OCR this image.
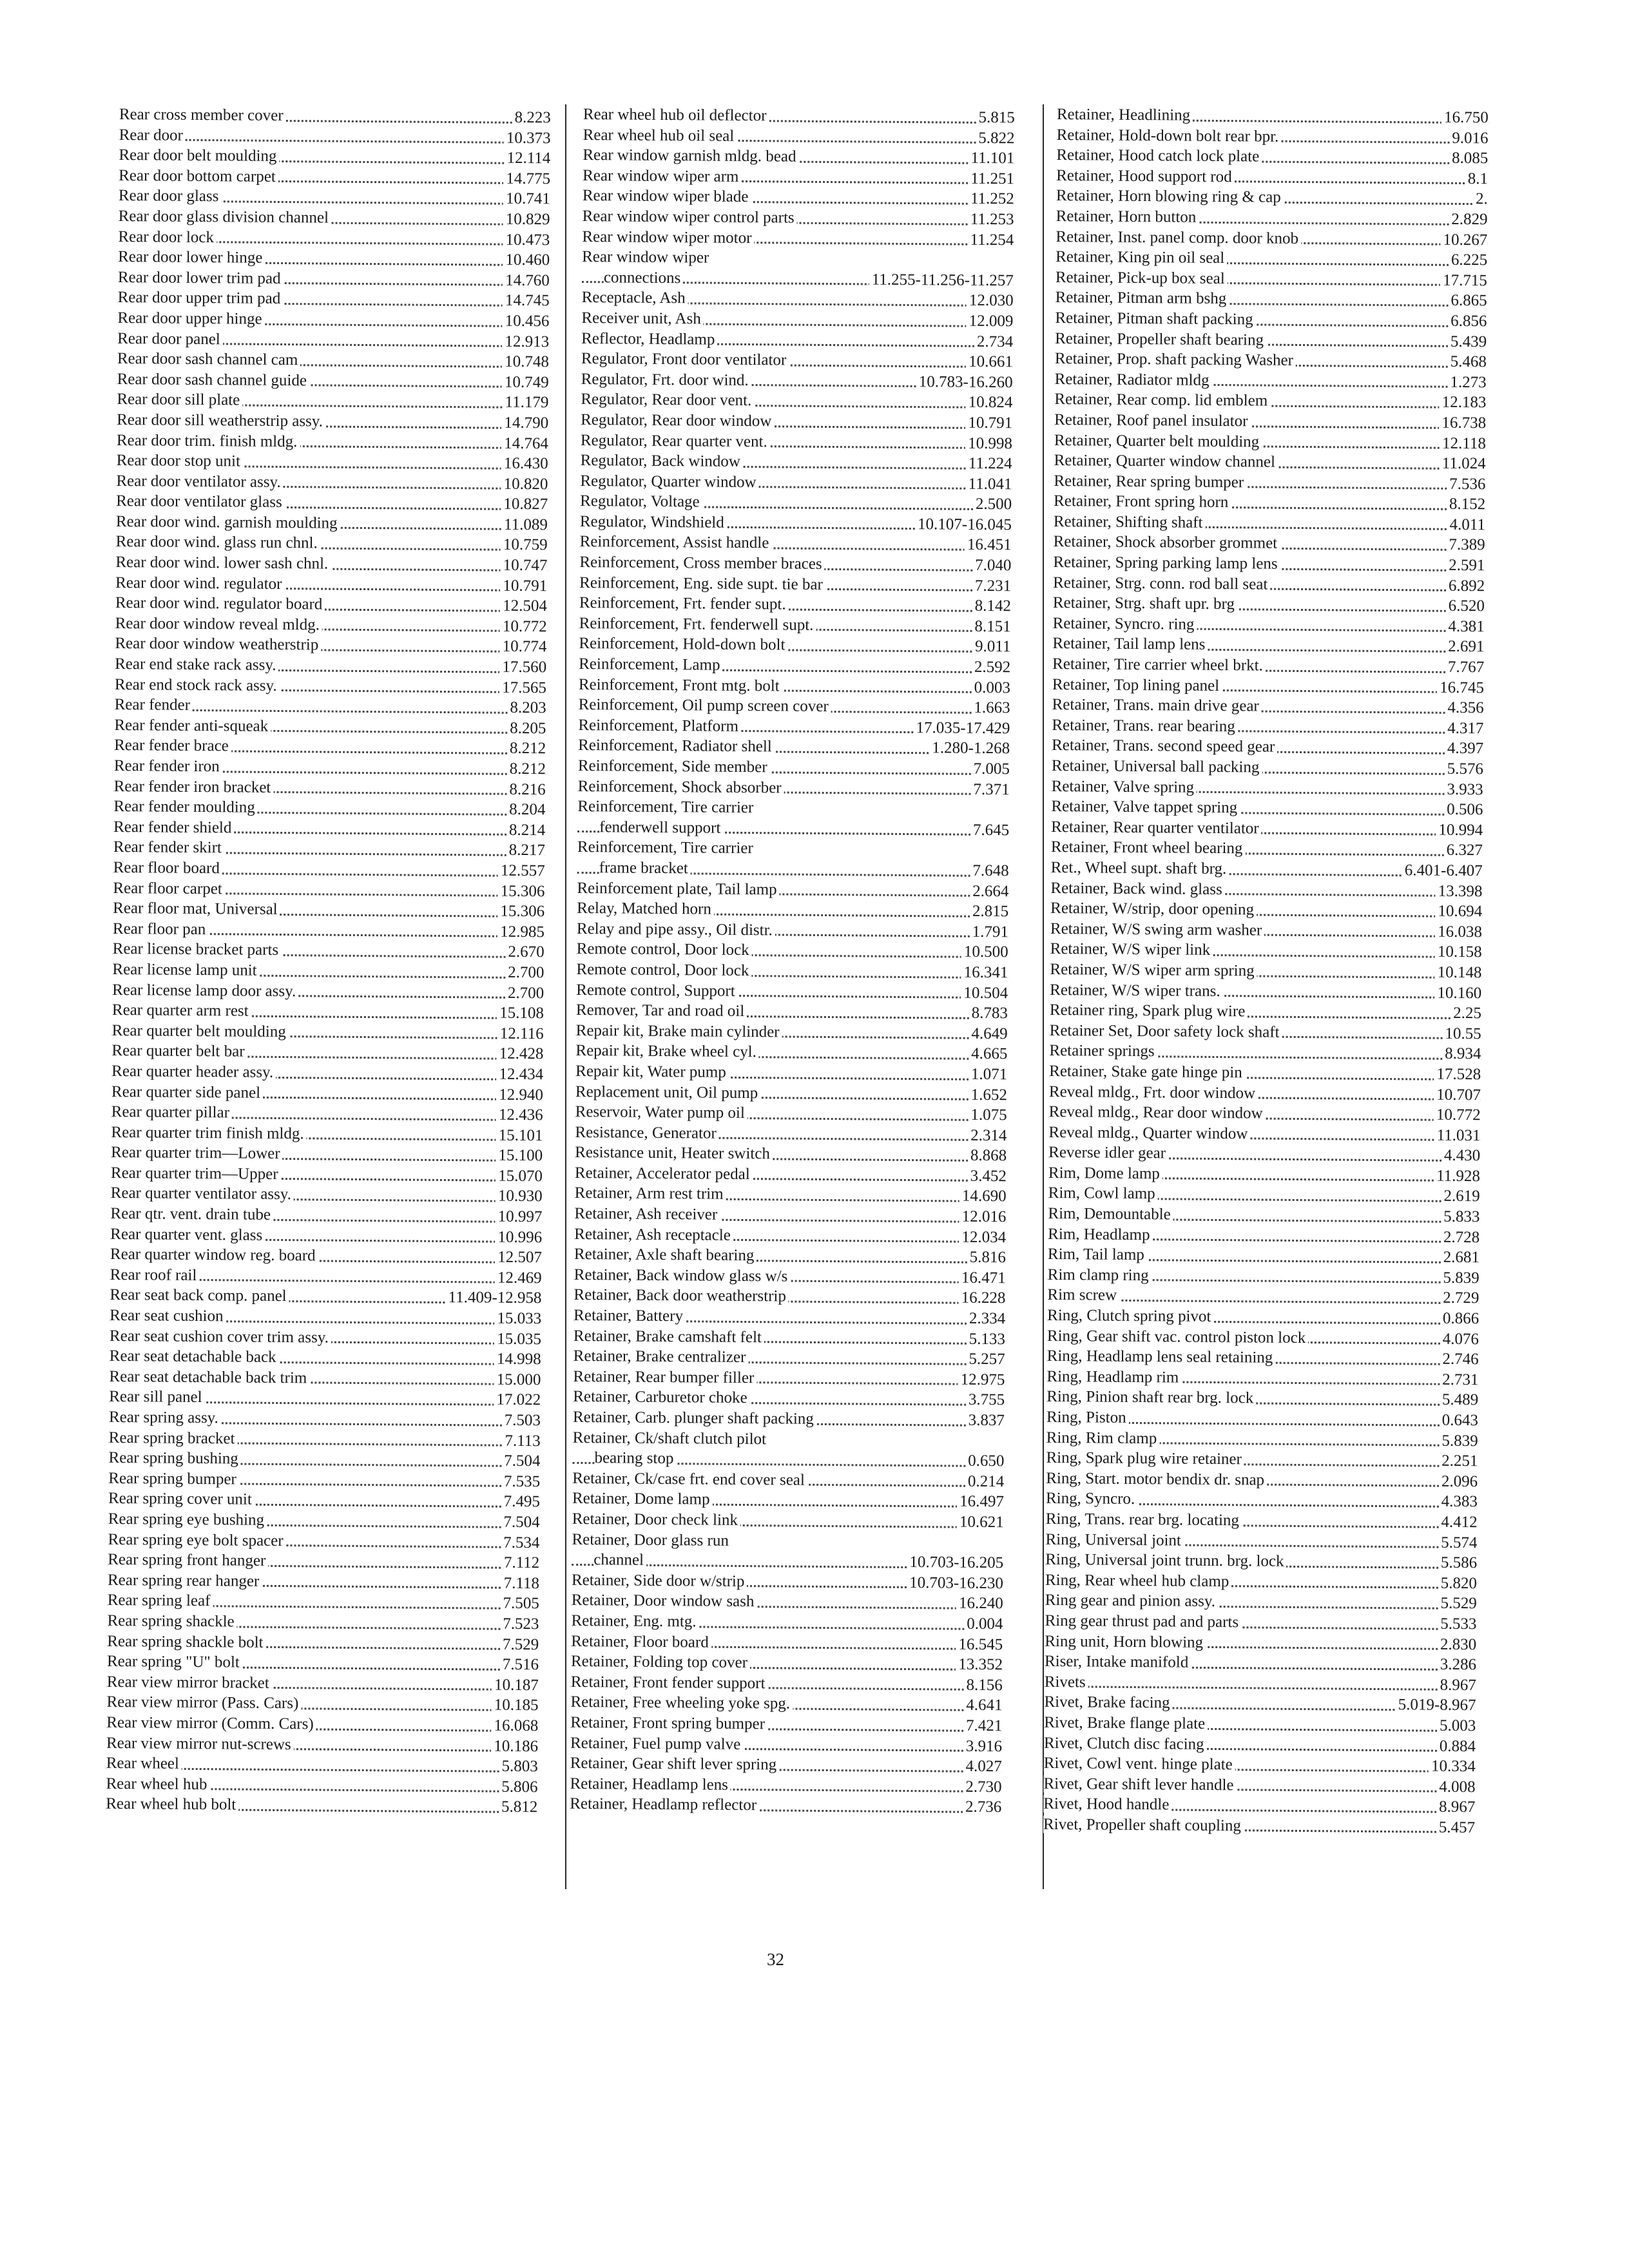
Rear cross member cover	8.223
Rear door	10.373
Rear door belt moulding	12.114
Rear door bottom carpet	14.775
Rear door glass	10.741
Rear door glass division channel	10.829
Rear door lock	10.473
Rear door lower hinge	10.460
Rear door lower trim pad	14.760
Rear door upper trim pad	14.745
Rear door upper hinge	10.456
Rear door panel	12.913
Rear door sash channel cam	10.748
Rear door sash channel guide	10.749
Rear door sill plate	11.179
Rear door sill weatherstrip assy.	14.790
Rear door trim. finish mldg.	14.764
Rear door stop unit	16.430
Rear door ventilator assy.	10.820
Rear door ventilator glass	10.827
Rear door wind. garnish moulding	11.089
Rear door wind. glass run chnl.	10.759
Rear door wind. lower sash chnl.	10.747
Rear door wind. regulator	10.791
Rear door wind. regulator board	12.504
Rear door window reveal mldg.	10.772
Rear door window weatherstrip	10.774
Rear end stake rack assy.	17.560
Rear end stock rack assy.	17.565
Rear fender	8.203
Rear fender anti-squeak	8.205
Rear fender brace	8.212
Rear fender iron	8.212
Rear fender iron bracket	8.216
Rear fender moulding	8.204
Rear fender shield	8.214
Rear fender skirt	8.217
Rear floor board	12.557
Rear floor carpet	15.306
Rear floor mat, Universal	15.306
Rear floor pan	12.985
Rear license bracket parts	2.670
Rear license lamp unit	2.700
Rear license lamp door assy.	2.700
Rear quarter arm rest	15.108
Rear quarter belt moulding	12.116
Rear quarter belt bar	12.428
Rear quarter header assy.	12.434
Rear quarter side panel	12.940
Rear quarter pillar	12.436
Rear quarter trim finish mldg.	15.101
Rear quarter trim—Lower	15.100
Rear quarter trim—Upper	15.070
Rear quarter ventilator assy.	10.930
Rear qtr. vent. drain tube	10.997
Rear quarter vent. glass	10.996
Rear quarter window reg. board	12.507
Rear roof rail	12.469
Rear seat back comp. panel	11.409-12.958
Rear seat cushion	15.033
Rear seat cushion cover trim assy.	15.035
Rear seat detachable back	14.998
Rear seat detachable back trim	15.000
Rear sill panel	17.022
Rear spring assy.	7.503
Rear spring bracket	7.113
Rear spring bushing	7.504
Rear spring bumper	7.535
Rear spring cover unit	7.495
Rear spring eye bushing	7.504
Rear spring eye bolt spacer	7.534
Rear spring front hanger	7.112
Rear spring rear hanger	7.118
Rear spring leaf	7.505
Rear spring shackle	7.523
Rear spring shackle bolt	7.529
Rear spring "U" bolt	7.516
Rear view mirror bracket	10.187
Rear view mirror (Pass. Cars)	10.185
Rear view mirror (Comm. Cars)	16.068
Rear view mirror nut-screws	10.186
Rear wheel	5.803
Rear wheel hub	5.806
Rear wheel hub bolt	5.812
Rear wheel hub oil deflector	5.815
Rear wheel hub oil seal	5.822
Rear window garnish mldg. bead	11.101
Rear window wiper arm	11.251
Rear window wiper blade	11.252
Rear window wiper control parts	11.253
Rear window wiper motor	11.254
Rear window wiper
connections	11.255-11.256-11.257
Receptacle, Ash	12.030
Receiver unit, Ash	12.009
Reflector, Headlamp	2.734
Regulator, Front door ventilator	10.661
Regulator, Frt. door wind.	10.783-16.260
Regulator, Rear door vent.	10.824
Regulator, Rear door window	10.791
Regulator, Rear quarter vent.	10.998
Regulator, Back window	11.224
Regulator, Quarter window	11.041
Regulator, Voltage	2.500
Regulator, Windshield	10.107-16.045
Reinforcement, Assist handle	16.451
Reinforcement, Cross member braces	7.040
Reinforcement, Eng. side supt. tie bar	7.231
Reinforcement, Frt. fender supt.	8.142
Reinforcement, Frt. fenderwell supt.	8.151
Reinforcement, Hold-down bolt	9.011
Reinforcement, Lamp	2.592
Reinforcement, Front mtg. bolt	0.003
Reinforcement, Oil pump screen cover	1.663
Reinforcement, Platform	17.035-17.429
Reinforcement, Radiator shell	1.280-1.268
Reinforcement, Side member	7.005
Reinforcement, Shock absorber	7.371
Reinforcement, Tire carrier
fenderwell support	7.645
Reinforcement, Tire carrier
frame bracket	7.648
Reinforcement plate, Tail lamp	2.664
Relay, Matched horn	2.815
Relay and pipe assy., Oil distr.	1.791
Remote control, Door lock	10.500
Remote control, Door lock	16.341
Remote control, Support	10.504
Remover, Tar and road oil	8.783
Repair kit, Brake main cylinder	4.649
Repair kit, Brake wheel cyl.	4.665
Repair kit, Water pump	1.071
Replacement unit, Oil pump	1.652
Reservoir, Water pump oil	1.075
Resistance, Generator	2.314
Resistance unit, Heater switch	8.868
Retainer, Accelerator pedal	3.452
Retainer, Arm rest trim	14.690
Retainer, Ash receiver	12.016
Retainer, Ash receptacle	12.034
Retainer, Axle shaft bearing	5.816
Retainer, Back window glass w/s	16.471
Retainer, Back door weatherstrip	16.228
Retainer, Battery	2.334
Retainer, Brake camshaft felt	5.133
Retainer, Brake centralizer	5.257
Retainer, Rear bumper filler	12.975
Retainer, Carburetor choke	3.755
Retainer, Carb. plunger shaft packing	3.837
Retainer, Ck/shaft clutch pilot
bearing stop	0.650
Retainer, Ck/case frt. end cover seal	0.214
Retainer, Dome lamp	16.497
Retainer, Door check link	10.621
Retainer, Door glass run
channel	10.703-16.205
Retainer, Side door w/strip	10.703-16.230
Retainer, Door window sash	16.240
Retainer, Eng. mtg.	0.004
Retainer, Floor board	16.545
Retainer, Folding top cover	13.352
Retainer, Front fender support	8.156
Retainer, Free wheeling yoke spg.	4.641
Retainer, Front spring bumper	7.421
Retainer, Fuel pump valve	3.916
Retainer, Gear shift lever spring	4.027
Retainer, Headlamp lens	2.730
Retainer, Headlamp reflector	2.736
Retainer, Headlining	16.750
Retainer, Hold-down bolt rear bpr.	9.016
Retainer, Hood catch lock plate	8.085
Retainer, Hood support rod	8.1
Retainer, Horn blowing ring & cap	2.
Retainer, Horn button	2.829
Retainer, Inst. panel comp. door knob	10.267
Retainer, King pin oil seal	6.225
Retainer, Pick-up box seal	17.715
Retainer, Pitman arm bshg	6.865
Retainer, Pitman shaft packing	6.856
Retainer, Propeller shaft bearing	5.439
Retainer, Prop. shaft packing Washer	5.468
Retainer, Radiator mldg	1.273
Retainer, Rear comp. lid emblem	12.183
Retainer, Roof panel insulator	16.738
Retainer, Quarter belt moulding	12.118
Retainer, Quarter window channel	11.024
Retainer, Rear spring bumper	7.536
Retainer, Front spring horn	8.152
Retainer, Shifting shaft	4.011
Retainer, Shock absorber grommet	7.389
Retainer, Spring parking lamp lens	2.591
Retainer, Strg. conn. rod ball seat	6.892
Retainer, Strg. shaft upr. brg	6.520
Retainer, Syncro. ring	4.381
Retainer, Tail lamp lens	2.691
Retainer, Tire carrier wheel brkt.	7.767
Retainer, Top lining panel	16.745
Retainer, Trans. main drive gear	4.356
Retainer, Trans. rear bearing	4.317
Retainer, Trans. second speed gear	4.397
Retainer, Universal ball packing	5.576
Retainer, Valve spring	3.933
Retainer, Valve tappet spring	0.506
Retainer, Rear quarter ventilator	10.994
Retainer, Front wheel bearing	6.327
Ret., Wheel supt. shaft brg.	6.401-6.407
Retainer, Back wind. glass	13.398
Retainer, W/strip, door opening	10.694
Retainer, W/S swing arm washer	16.038
Retainer, W/S wiper link	10.158
Retainer, W/S wiper arm spring	10.148
Retainer, W/S wiper trans.	10.160
Retainer ring, Spark plug wire	2.25
Retainer Set, Door safety lock shaft	10.55
Retainer springs	8.934
Retainer, Stake gate hinge pin	17.528
Reveal mldg., Frt. door window	10.707
Reveal mldg., Rear door window	10.772
Reveal mldg., Quarter window	11.031
Reverse idler gear	4.430
Rim, Dome lamp	11.928
Rim, Cowl lamp	2.619
Rim, Demountable	5.833
Rim, Headlamp	2.728
Rim, Tail lamp	2.681
Rim clamp ring	5.839
Rim screw	2.729
Ring, Clutch spring pivot	0.866
Ring, Gear shift vac. control piston lock	4.076
Ring, Headlamp lens seal retaining	2.746
Ring, Headlamp rim	2.731
Ring, Pinion shaft rear brg. lock	5.489
Ring, Piston	0.643
Ring, Rim clamp	5.839
Ring, Spark plug wire retainer	2.251
Ring, Start. motor bendix dr. snap	2.096
Ring, Syncro.	4.383
Ring, Trans. rear brg. locating	4.412
Ring, Universal joint	5.574
Ring, Universal joint trunn. brg. lock	5.586
Ring, Rear wheel hub clamp	5.820
Ring gear and pinion assy.	5.529
Ring gear thrust pad and parts	5.533
Ring unit, Horn blowing	2.830
Riser, Intake manifold	3.286
Rivets	8.967
Rivet, Brake facing	5.019-8.967
Rivet, Brake flange plate	5.003
Rivet, Clutch disc facing	0.884
Rivet, Cowl vent. hinge plate	10.334
Rivet, Gear shift lever handle	4.008
Rivet, Hood handle	8.967
Rivet, Propeller shaft coupling	5.457
32
